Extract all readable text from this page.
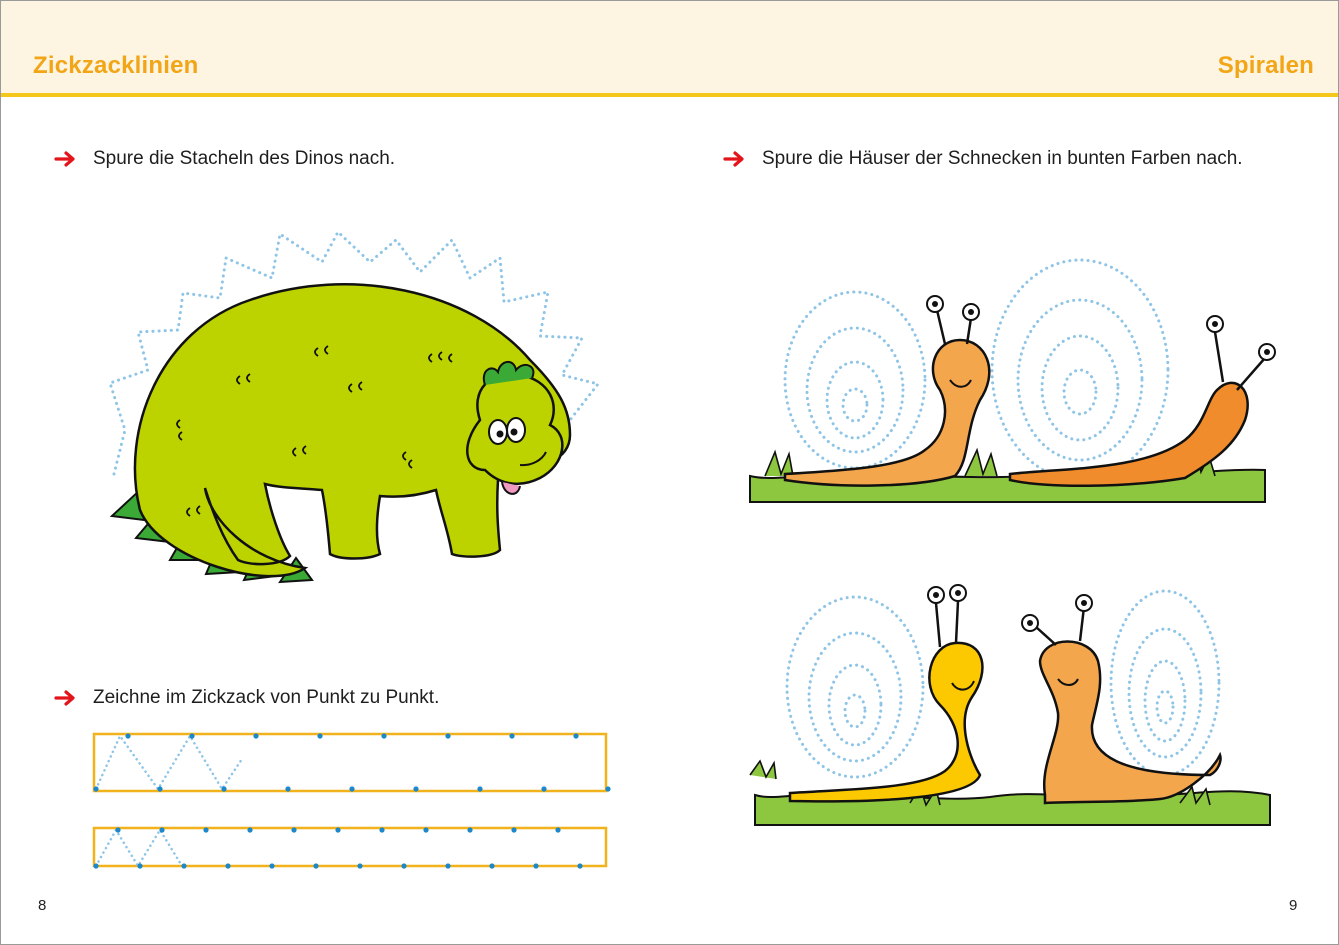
Zickzacklinien	Spiralen
Spure die Stacheln des Dinos nach.
Zeichne im Zickzack von Punkt zu Punkt.
Spure die Häuser der Schnecken in bunten Farben nach.
8	9
